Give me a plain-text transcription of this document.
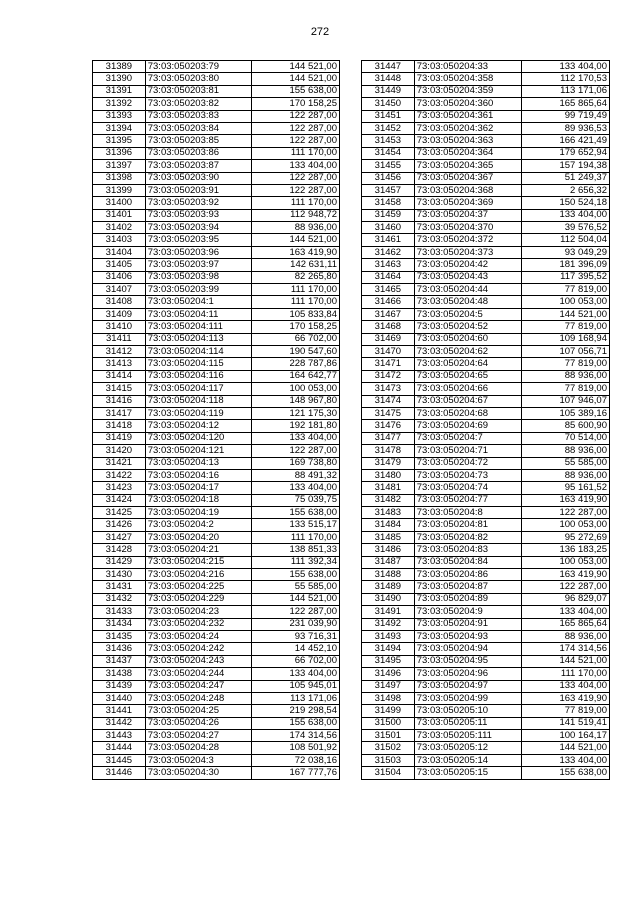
272
31389	73:03:050203:79	144 521,00
31390	73:03:050203:80	144 521,00
31391	73:03:050203:81	155 638,00
31392	73:03:050203:82	170 158,25
31393	73:03:050203:83	122 287,00
31394	73:03:050203:84	122 287,00
31395	73:03:050203:85	122 287,00
31396	73:03:050203:86	111 170,00
31397	73:03:050203:87	133 404,00
31398	73:03:050203:90	122 287,00
31399	73:03:050203:91	122 287,00
31400	73:03:050203:92	111 170,00
31401	73:03:050203:93	112 948,72
31402	73:03:050203:94	88 936,00
31403	73:03:050203:95	144 521,00
31404	73:03:050203:96	163 419,90
31405	73:03:050203:97	142 631,11
31406	73:03:050203:98	82 265,80
31407	73:03:050203:99	111 170,00
31408	73:03:050204:1	111 170,00
31409	73:03:050204:11	105 833,84
31410	73:03:050204:111	170 158,25
31411	73:03:050204:113	66 702,00
31412	73:03:050204:114	190 547,60
31413	73:03:050204:115	228 787,86
31414	73:03:050204:116	164 642,77
31415	73:03:050204:117	100 053,00
31416	73:03:050204:118	148 967,80
31417	73:03:050204:119	121 175,30
31418	73:03:050204:12	192 181,80
31419	73:03:050204:120	133 404,00
31420	73:03:050204:121	122 287,00
31421	73:03:050204:13	169 738,80
31422	73:03:050204:16	88 491,32
31423	73:03:050204:17	133 404,00
31424	73:03:050204:18	75 039,75
31425	73:03:050204:19	155 638,00
31426	73:03:050204:2	133 515,17
31427	73:03:050204:20	111 170,00
31428	73:03:050204:21	138 851,33
31429	73:03:050204:215	111 392,34
31430	73:03:050204:216	155 638,00
31431	73:03:050204:225	55 585,00
31432	73:03:050204:229	144 521,00
31433	73:03:050204:23	122 287,00
31434	73:03:050204:232	231 039,90
31435	73:03:050204:24	93 716,31
31436	73:03:050204:242	14 452,10
31437	73:03:050204:243	66 702,00
31438	73:03:050204:244	133 404,00
31439	73:03:050204:247	105 945,01
31440	73:03:050204:248	113 171,06
31441	73:03:050204:25	219 298,54
31442	73:03:050204:26	155 638,00
31443	73:03:050204:27	174 314,56
31444	73:03:050204:28	108 501,92
31445	73:03:050204:3	72 038,16
31446	73:03:050204:30	167 777,76
31447	73:03:050204:33	133 404,00
31448	73:03:050204:358	112 170,53
31449	73:03:050204:359	113 171,06
31450	73:03:050204:360	165 865,64
31451	73:03:050204:361	99 719,49
31452	73:03:050204:362	89 936,53
31453	73:03:050204:363	166 421,49
31454	73:03:050204:364	179 652,94
31455	73:03:050204:365	157 194,38
31456	73:03:050204:367	51 249,37
31457	73:03:050204:368	2 656,32
31458	73:03:050204:369	150 524,18
31459	73:03:050204:37	133 404,00
31460	73:03:050204:370	39 576,52
31461	73:03:050204:372	112 504,04
31462	73:03:050204:373	93 049,29
31463	73:03:050204:42	181 396,09
31464	73:03:050204:43	117 395,52
31465	73:03:050204:44	77 819,00
31466	73:03:050204:48	100 053,00
31467	73:03:050204:5	144 521,00
31468	73:03:050204:52	77 819,00
31469	73:03:050204:60	109 168,94
31470	73:03:050204:62	107 056,71
31471	73:03:050204:64	77 819,00
31472	73:03:050204:65	88 936,00
31473	73:03:050204:66	77 819,00
31474	73:03:050204:67	107 946,07
31475	73:03:050204:68	105 389,16
31476	73:03:050204:69	85 600,90
31477	73:03:050204:7	70 514,00
31478	73:03:050204:71	88 936,00
31479	73:03:050204:72	55 585,00
31480	73:03:050204:73	88 936,00
31481	73:03:050204:74	95 161,52
31482	73:03:050204:77	163 419,90
31483	73:03:050204:8	122 287,00
31484	73:03:050204:81	100 053,00
31485	73:03:050204:82	95 272,69
31486	73:03:050204:83	136 183,25
31487	73:03:050204:84	100 053,00
31488	73:03:050204:86	163 419,90
31489	73:03:050204:87	122 287,00
31490	73:03:050204:89	96 829,07
31491	73:03:050204:9	133 404,00
31492	73:03:050204:91	165 865,64
31493	73:03:050204:93	88 936,00
31494	73:03:050204:94	174 314,56
31495	73:03:050204:95	144 521,00
31496	73:03:050204:96	111 170,00
31497	73:03:050204:97	133 404,00
31498	73:03:050204:99	163 419,90
31499	73:03:050205:10	77 819,00
31500	73:03:050205:11	141 519,41
31501	73:03:050205:111	100 164,17
31502	73:03:050205:12	144 521,00
31503	73:03:050205:14	133 404,00
31504	73:03:050205:15	155 638,00
